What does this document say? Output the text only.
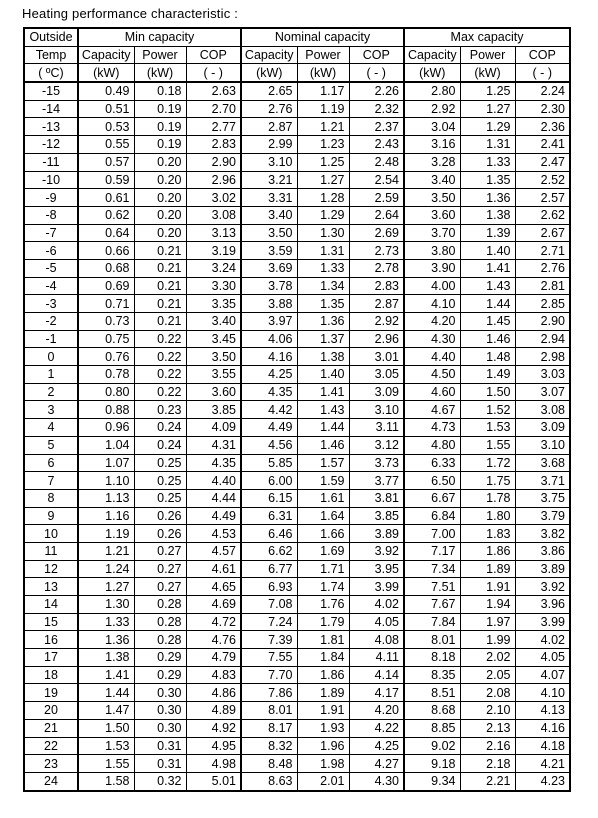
Heating performance characteristic :
Outside	Min capacity			Nominal capacity			Max capacity		
Temp	Capacity	Power	COP	Capacity	Power	COP	Capacity	Power	COP
( ºC)	(kW)	(kW)	( - )	(kW)	(kW)	( - )	(kW)	(kW)	( - )
-15	0.49	0.18	2.63	2.65	1.17	2.26	2.80	1.25	2.24
-14	0.51	0.19	2.70	2.76	1.19	2.32	2.92	1.27	2.30
-13	0.53	0.19	2.77	2.87	1.21	2.37	3.04	1.29	2.36
-12	0.55	0.19	2.83	2.99	1.23	2.43	3.16	1.31	2.41
-11	0.57	0.20	2.90	3.10	1.25	2.48	3.28	1.33	2.47
-10	0.59	0.20	2.96	3.21	1.27	2.54	3.40	1.35	2.52
-9	0.61	0.20	3.02	3.31	1.28	2.59	3.50	1.36	2.57
-8	0.62	0.20	3.08	3.40	1.29	2.64	3.60	1.38	2.62
-7	0.64	0.20	3.13	3.50	1.30	2.69	3.70	1.39	2.67
-6	0.66	0.21	3.19	3.59	1.31	2.73	3.80	1.40	2.71
-5	0.68	0.21	3.24	3.69	1.33	2.78	3.90	1.41	2.76
-4	0.69	0.21	3.30	3.78	1.34	2.83	4.00	1.43	2.81
-3	0.71	0.21	3.35	3.88	1.35	2.87	4.10	1.44	2.85
-2	0.73	0.21	3.40	3.97	1.36	2.92	4.20	1.45	2.90
-1	0.75	0.22	3.45	4.06	1.37	2.96	4.30	1.46	2.94
0	0.76	0.22	3.50	4.16	1.38	3.01	4.40	1.48	2.98
1	0.78	0.22	3.55	4.25	1.40	3.05	4.50	1.49	3.03
2	0.80	0.22	3.60	4.35	1.41	3.09	4.60	1.50	3.07
3	0.88	0.23	3.85	4.42	1.43	3.10	4.67	1.52	3.08
4	0.96	0.24	4.09	4.49	1.44	3.11	4.73	1.53	3.09
5	1.04	0.24	4.31	4.56	1.46	3.12	4.80	1.55	3.10
6	1.07	0.25	4.35	5.85	1.57	3.73	6.33	1.72	3.68
7	1.10	0.25	4.40	6.00	1.59	3.77	6.50	1.75	3.71
8	1.13	0.25	4.44	6.15	1.61	3.81	6.67	1.78	3.75
9	1.16	0.26	4.49	6.31	1.64	3.85	6.84	1.80	3.79
10	1.19	0.26	4.53	6.46	1.66	3.89	7.00	1.83	3.82
11	1.21	0.27	4.57	6.62	1.69	3.92	7.17	1.86	3.86
12	1.24	0.27	4.61	6.77	1.71	3.95	7.34	1.89	3.89
13	1.27	0.27	4.65	6.93	1.74	3.99	7.51	1.91	3.92
14	1.30	0.28	4.69	7.08	1.76	4.02	7.67	1.94	3.96
15	1.33	0.28	4.72	7.24	1.79	4.05	7.84	1.97	3.99
16	1.36	0.28	4.76	7.39	1.81	4.08	8.01	1.99	4.02
17	1.38	0.29	4.79	7.55	1.84	4.11	8.18	2.02	4.05
18	1.41	0.29	4.83	7.70	1.86	4.14	8.35	2.05	4.07
19	1.44	0.30	4.86	7.86	1.89	4.17	8.51	2.08	4.10
20	1.47	0.30	4.89	8.01	1.91	4.20	8.68	2.10	4.13
21	1.50	0.30	4.92	8.17	1.93	4.22	8.85	2.13	4.16
22	1.53	0.31	4.95	8.32	1.96	4.25	9.02	2.16	4.18
23	1.55	0.31	4.98	8.48	1.98	4.27	9.18	2.18	4.21
24	1.58	0.32	5.01	8.63	2.01	4.30	9.34	2.21	4.23
